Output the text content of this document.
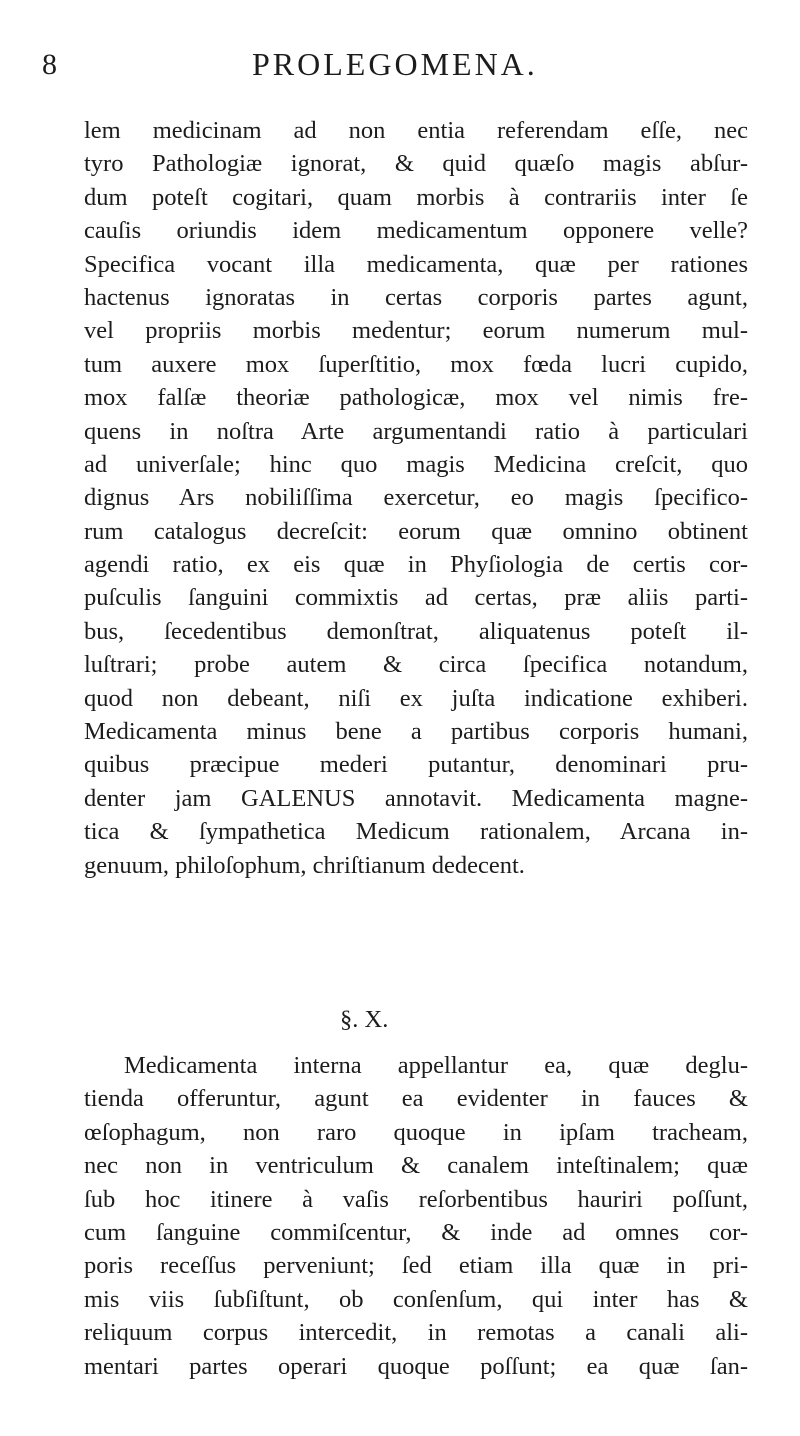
8	PROLEGOMENA.
lem medicinam ad non entia referendam eſſe, nec
tyro Pathologiæ ignorat, & quid quæſo magis abſur-
dum poteſt cogitari, quam morbis à contrariis inter ſe
cauſis oriundis idem medicamentum opponere velle?
Specifica vocant illa medicamenta, quæ per rationes
hactenus ignoratas in certas corporis partes agunt,
vel propriis morbis medentur; eorum numerum mul-
tum auxere mox ſuperſtitio, mox fœda lucri cupido,
mox falſæ theoriæ pathologicæ, mox vel nimis fre-
quens in noſtra Arte argumentandi ratio à particulari
ad univerſale; hinc quo magis Medicina creſcit, quo
dignus Ars nobiliſſima exercetur, eo magis ſpecifico-
rum catalogus decreſcit: eorum quæ omnino obtinent
agendi ratio, ex eis quæ in Phyſiologia de certis cor-
puſculis ſanguini commixtis ad certas, præ aliis parti-
bus, ſecedentibus demonſtrat, aliquatenus poteſt il-
luſtrari; probe autem & circa ſpecifica notandum,
quod non debeant, niſi ex juſta indicatione exhiberi.
Medicamenta minus bene a partibus corporis humani,
quibus præcipue mederi putantur, denominari pru-
denter jam GALENUS annotavit. Medicamenta magne-
tica & ſympathetica Medicum rationalem, Arcana in-
genuum, philoſophum, chriſtianum dedecent.
§. X.
Medicamenta interna appellantur ea, quæ deglu-
tienda offeruntur, agunt ea evidenter in fauces &
œſophagum, non raro quoque in ipſam tracheam,
nec non in ventriculum & canalem inteſtinalem; quæ
ſub hoc itinere à vaſis reſorbentibus hauriri poſſunt,
cum ſanguine commiſcentur, & inde ad omnes cor-
poris receſſus perveniunt; ſed etiam illa quæ in pri-
mis viis ſubſiſtunt, ob conſenſum, qui inter has &
reliquum corpus intercedit, in remotas a canali ali-
mentari partes operari quoque poſſunt; ea quæ ſan-
